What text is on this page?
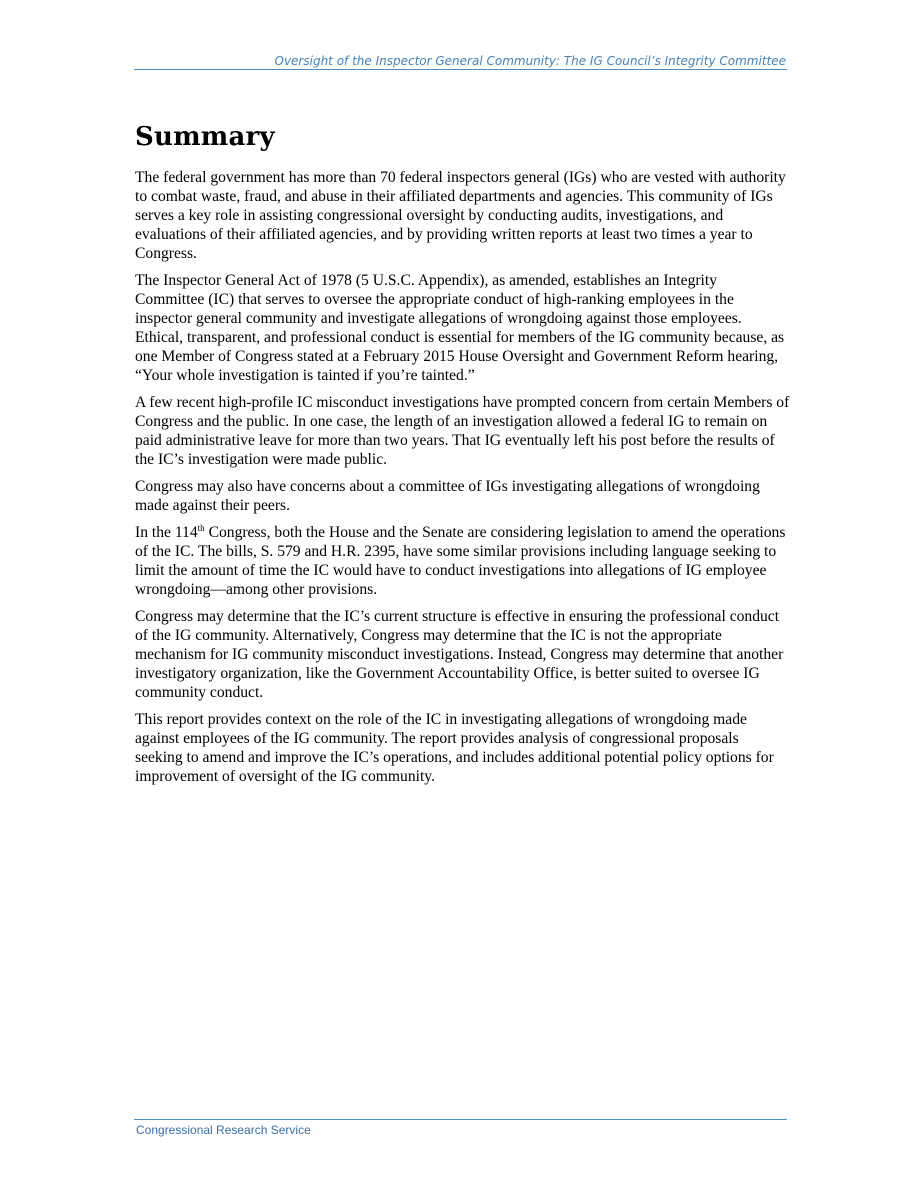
Oversight of the Inspector General Community: The IG Council’s Integrity Committee
Summary

The federal government has more than 70 federal inspectors general (IGs) who are vested with authority to combat waste, fraud, and abuse in their affiliated departments and agencies. This community of IGs serves a key role in assisting congressional oversight by conducting audits, investigations, and evaluations of their affiliated agencies, and by providing written reports at least two times a year to Congress.

The Inspector General Act of 1978 (5 U.S.C. Appendix), as amended, establishes an Integrity Committee (IC) that serves to oversee the appropriate conduct of high-ranking employees in the inspector general community and investigate allegations of wrongdoing against those employees. Ethical, transparent, and professional conduct is essential for members of the IG community because, as one Member of Congress stated at a February 2015 House Oversight and Government Reform hearing, “Your whole investigation is tainted if you’re tainted.”

A few recent high-profile IC misconduct investigations have prompted concern from certain Members of Congress and the public. In one case, the length of an investigation allowed a federal IG to remain on paid administrative leave for more than two years. That IG eventually left his post before the results of the IC’s investigation were made public.

Congress may also have concerns about a committee of IGs investigating allegations of wrongdoing made against their peers.

In the 114th Congress, both the House and the Senate are considering legislation to amend the operations of the IC. The bills, S. 579 and H.R. 2395, have some similar provisions including language seeking to limit the amount of time the IC would have to conduct investigations into allegations of IG employee wrongdoing—among other provisions.

Congress may determine that the IC’s current structure is effective in ensuring the professional conduct of the IG community. Alternatively, Congress may determine that the IC is not the appropriate mechanism for IG community misconduct investigations. Instead, Congress may determine that another investigatory organization, like the Government Accountability Office, is better suited to oversee IG community conduct.

This report provides context on the role of the IC in investigating allegations of wrongdoing made against employees of the IG community. The report provides analysis of congressional proposals seeking to amend and improve the IC’s operations, and includes additional potential policy options for improvement of oversight of the IG community.

Congressional Research Service
